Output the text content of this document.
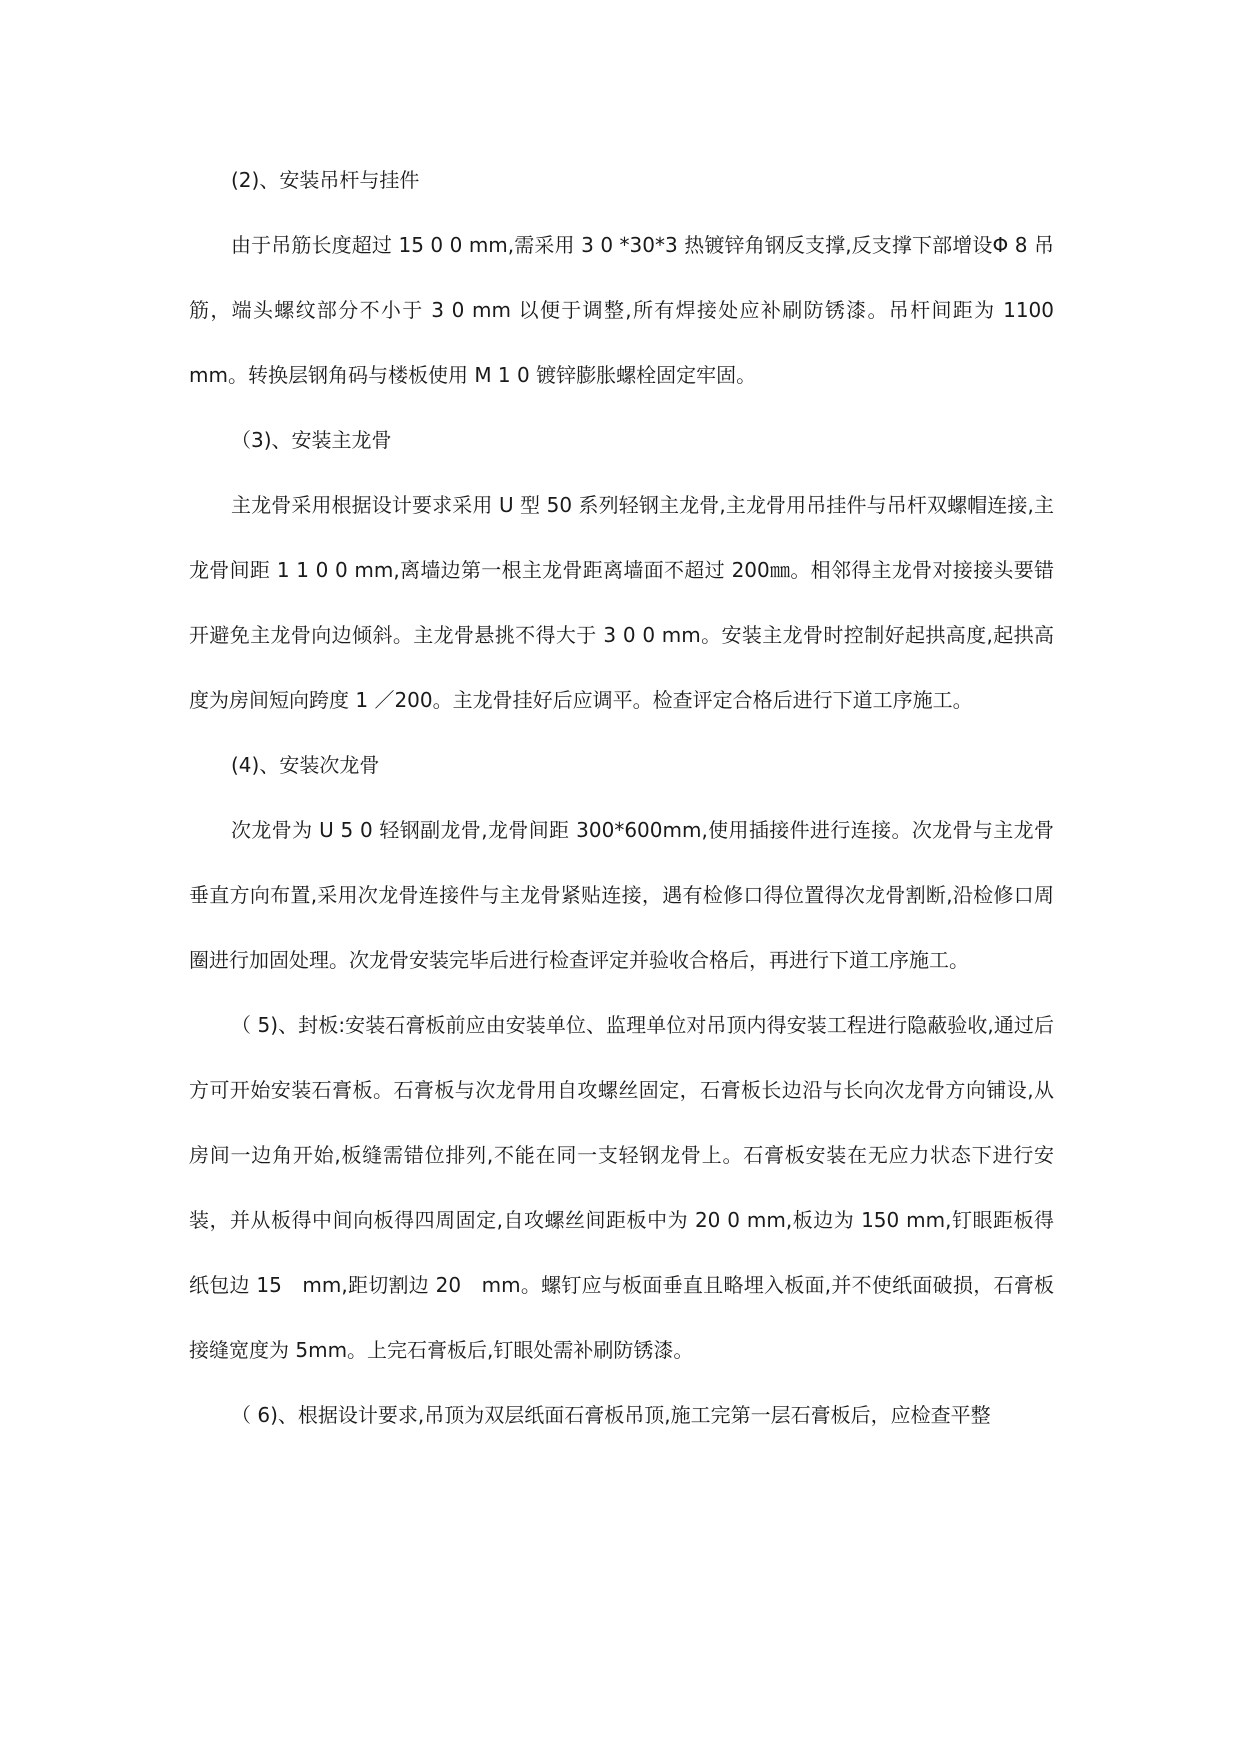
(2)、安装吊杆与挂件

由于吊筋长度超过 15 0 0 mm,需采用 3 0 *30*3 热镀锌角钢反支撑,反支撑下部增设Φ 8 吊筋，端头螺纹部分不小于 3 0 mm 以便于调整,所有焊接处应补刷防锈漆。吊杆间距为 1100 mm。转换层钢角码与楼板使用 M 1 0 镀锌膨胀螺栓固定牢固。

（3)、安装主龙骨

主龙骨采用根据设计要求采用 U 型 50 系列轻钢主龙骨,主龙骨用吊挂件与吊杆双螺帽连接,主龙骨间距 1 1 0 0 mm,离墙边第一根主龙骨距离墙面不超过 200㎜。相邻得主龙骨对接接头要错开避免主龙骨向边倾斜。主龙骨悬挑不得大于 3 0 0 mm。安装主龙骨时控制好起拱高度,起拱高度为房间短向跨度 1 ／200。主龙骨挂好后应调平。检查评定合格后进行下道工序施工。

(4)、安装次龙骨

次龙骨为 U 5 0 轻钢副龙骨,龙骨间距 300*600mm,使用插接件进行连接。次龙骨与主龙骨垂直方向布置,采用次龙骨连接件与主龙骨紧贴连接，遇有检修口得位置得次龙骨割断,沿检修口周圈进行加固处理。次龙骨安装完毕后进行检查评定并验收合格后，再进行下道工序施工。

（ 5)、封板:安装石膏板前应由安装单位、监理单位对吊顶内得安装工程进行隐蔽验收,通过后方可开始安装石膏板。石膏板与次龙骨用自攻螺丝固定，石膏板长边沿与长向次龙骨方向铺设,从房间一边角开始,板缝需错位排列,不能在同一支轻钢龙骨上。石膏板安装在无应力状态下进行安装，并从板得中间向板得四周固定,自攻螺丝间距板中为 20 0 mm,板边为 150 mm,钉眼距板得纸包边 15　mm,距切割边 20　mm。螺钉应与板面垂直且略埋入板面,并不使纸面破损，石膏板接缝宽度为 5mm。上完石膏板后,钉眼处需补刷防锈漆。

（ 6)、根据设计要求,吊顶为双层纸面石膏板吊顶,施工完第一层石膏板后，应检查平整
